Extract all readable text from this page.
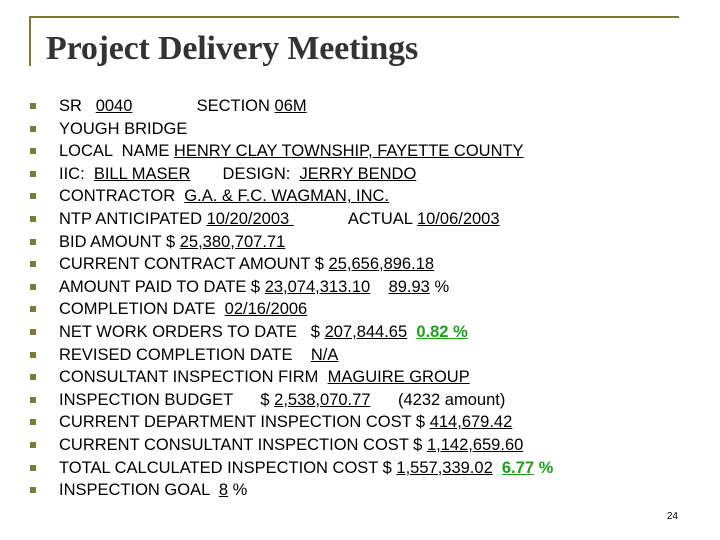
Project Delivery Meetings
SR   0040              SECTION 06M
YOUGH BRIDGE
LOCAL  NAME HENRY CLAY TOWNSHIP, FAYETTE COUNTY
IIC:  BILL MASER       DESIGN:  JERRY BENDO
CONTRACTOR  G.A. & F.C. WAGMAN, INC.
NTP ANTICIPATED 10/20/2003             ACTUAL 10/06/2003
BID AMOUNT $ 25,380,707.71
CURRENT CONTRACT AMOUNT $ 25,656,896.18
AMOUNT PAID TO DATE $ 23,074,313.10 89.93 %
COMPLETION DATE  02/16/2006
NET WORK ORDERS TO DATE   $ 207,844.65 0.82 %
REVISED COMPLETION DATE    N/A
CONSULTANT INSPECTION FIRM  MAGUIRE GROUP
INSPECTION BUDGET      $ 2,538,070.77      (4232 amount)
CURRENT DEPARTMENT INSPECTION COST $ 414,679.42
CURRENT CONSULTANT INSPECTION COST $ 1,142,659.60
TOTAL CALCULATED INSPECTION COST $ 1,557,339.02 6.77 %
INSPECTION GOAL  8 %
24
